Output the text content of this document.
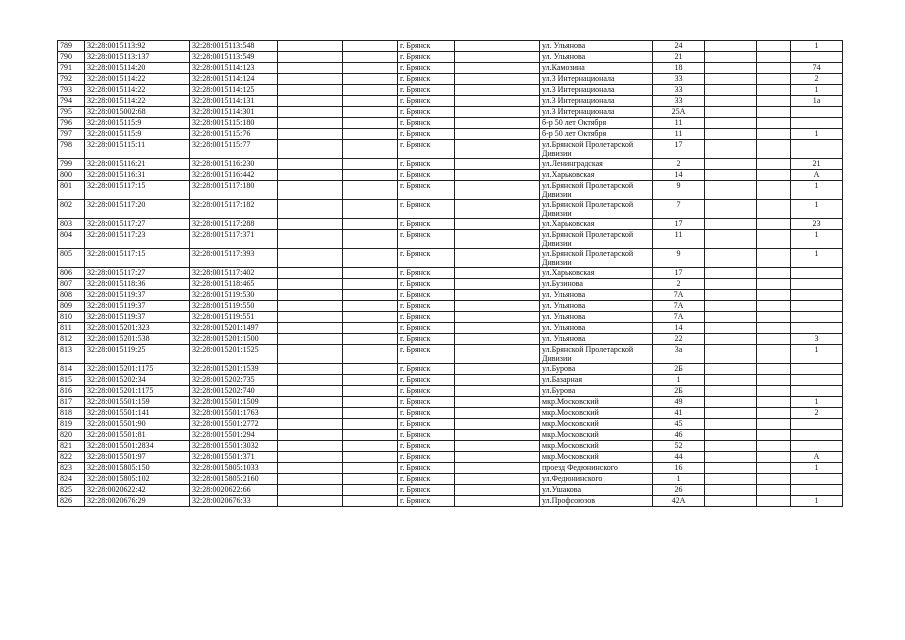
789	32:28:0015113:92	32:28:0015113:548			г. Брянск		ул. Ульянова	24			1
790	32:28:0015113:137	32:28:0015113:549			г. Брянск		ул. Ульянова	21			
791	32:28:0015114:20	32:28:0015114:123			г. Брянск		ул.Камозина	18			74
792	32:28:0015114:22	32:28:0015114:124			г. Брянск		ул.3 Интернационала	33			2
793	32:28:0015114:22	32:28:0015114:125			г. Брянск		ул.3 Интернационала	33			1
794	32:28:0015114:22	32:28:0015114:131			г. Брянск		ул.3 Интернационала	33			1а
795	32:28:0015002:68	32:28:0015114:301			г. Брянск		ул.3 Интернационала	25А			
796	32:28:0015115:9	32:28:0015115:180			г. Брянск		б-р 50 лет Октября	11			
797	32:28:0015115:9	32:28:0015115:76			г. Брянск		б-р 50 лет Октября	11			1
798	32:28:0015115:11	32:28:0015115:77			г. Брянск		ул.Брянской Пролетарской Дивизии	17			
799	32:28:0015116:21	32:28:0015116:230			г. Брянск		ул.Ленинградская	2			21
800	32:28:0015116:31	32:28:0015116:442			г. Брянск		ул.Харьковская	14			А
801	32:28:0015117:15	32:28:0015117:180			г. Брянск		ул.Брянской Пролетарской Дивизии	9			1
802	32:28:0015117:20	32:28:0015117:182			г. Брянск		ул.Брянской Пролетарской Дивизии	7			1
803	32:28:0015117:27	32:28:0015117:288			г. Брянск		ул.Харьковская	17			23
804	32:28:0015117:23	32:28:0015117:371			г. Брянск		ул.Брянской Пролетарской Дивизии	11			1
805	32:28:0015117:15	32:28:0015117:393			г. Брянск		ул.Брянской Пролетарской Дивизии	9			1
806	32:28:0015117:27	32:28:0015117:402			г. Брянск		ул.Харьковская	17			
807	32:28:0015118:36	32:28:0015118:465			г. Брянск		ул.Бузинова	2			
808	32:28:0015119:37	32:28:0015119:530			г. Брянск		ул. Ульянова	7А			
809	32:28:0015119:37	32:28:0015119:550			г. Брянск		ул. Ульянова	7А			
810	32:28:0015119:37	32:28:0015119:551			г. Брянск		ул. Ульянова	7А			
811	32:28:0015201:323	32:28:0015201:1497			г. Брянск		ул. Ульянова	14			
812	32:28:0015201:538	32:28:0015201:1500			г. Брянск		ул. Ульянова	22			3
813	32:28:0015119:25	32:28:0015201:1525			г. Брянск		ул.Брянской Пролетарской Дивизии	3а			1
814	32:28:0015201:1175	32:28:0015201:1539			г. Брянск		ул.Бурова	2Б			
815	32:28:0015202:34	32:28:0015202:735			г. Брянск		ул.Базарная	1			
816	32:28:0015201:1175	32:28:0015202:740			г. Брянск		ул.Бурова	2Б			
817	32:28:0015501:159	32:28:0015501:1509			г. Брянск		мкр.Московский	49			1
818	32:28:0015501:141	32:28:0015501:1763			г. Брянск		мкр.Московский	41			2
819	32:28:0015501:90	32:28:0015501:2772			г. Брянск		мкр.Московский	45			
820	32:28:0015501:81	32:28:0015501:294			г. Брянск		мкр.Московский	46			
821	32:28:0015501:2834	32:28:0015501:3032			г. Брянск		мкр.Московский	52			
822	32:28:0015501:97	32:28:0015501:371			г. Брянск		мкр.Московский	44			А
823	32:28:0015805:150	32:28:0015805:1033			г. Брянск		проезд Федюнинского	16			1
824	32:28:0015805:102	32:28:0015805:2160			г. Брянск		ул.Федюнинского	1			
825	32:28:0020622:42	32:28:0020622:66			г. Брянск		ул.Ушакова	26			
826	32:28:0020676:29	32:28:0020676:33			г. Брянск		ул.Профсоюзов	42А			1
